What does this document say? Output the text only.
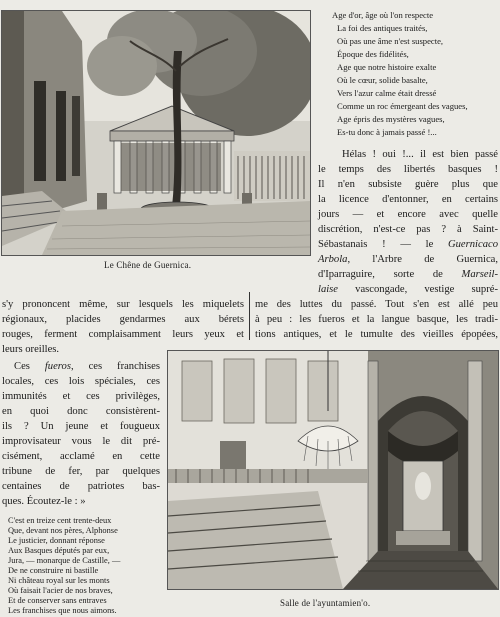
Le Chêne de Guernica.
Age d'or, âge où l'on respecte
La foi des antiques traités,
Où pas une âme n'est suspecte,
Époque des fidélités,
Age que notre histoire exalte
Où le cœur, solide basalte,
Vers l'azur calme était dressé
Comme un roc émergeant des vagues,
Age épris des mystères vagues,
Es-tu donc à jamais passé !...
Hélas ! oui !... il est bien passé
le temps des libertés basques !
Il n'en subsiste guère plus que
la licence d'entonner, en certains
jours — et encore avec quelle
discrétion, n'est-ce pas ? à Saint-
Sébastanais ! — le Guernicaco
Arbola, l'Arbre de Guernica,
d'Iparraguire, sorte de Marseil-
laise vascongade, vestige supré-
me des luttes du passé. Tout s'en est allé peu
à peu : les fueros et la langue basque, les tradi-
tions antiques, et le tumulte des vieilles épopées,
s'y prononcent même, sur lesquels les miquelets
régionaux, placides gendarmes aux bérets
rouges, ferment complaisamment leurs yeux et
leurs oreilles.
Ces fueros, ces franchises
locales, ces lois spéciales, ces
immunités et ces privilèges,
en quoi donc consistèrent-
ils ? Un jeune et fougueux
improvisateur vous le dit pré-
cisément, acclamé en cette
tribune de fer, par quelques
centaines de patriotes bas-
ques. Écoutez-le : »
C'est en treize cent trente-deux
Que, devant nos pères, Alphonse
Le justicier, donnant réponse
Aux Basques députés par eux,
Jura, — monarque de Castille, —
De ne construire ni bastille
Ni château royal sur les monts
Où faisait l'acier de nos braves,
Et de conserver sans entraves
Les franchises que nous aimons.
Salle de l'ayuntamien'o.
